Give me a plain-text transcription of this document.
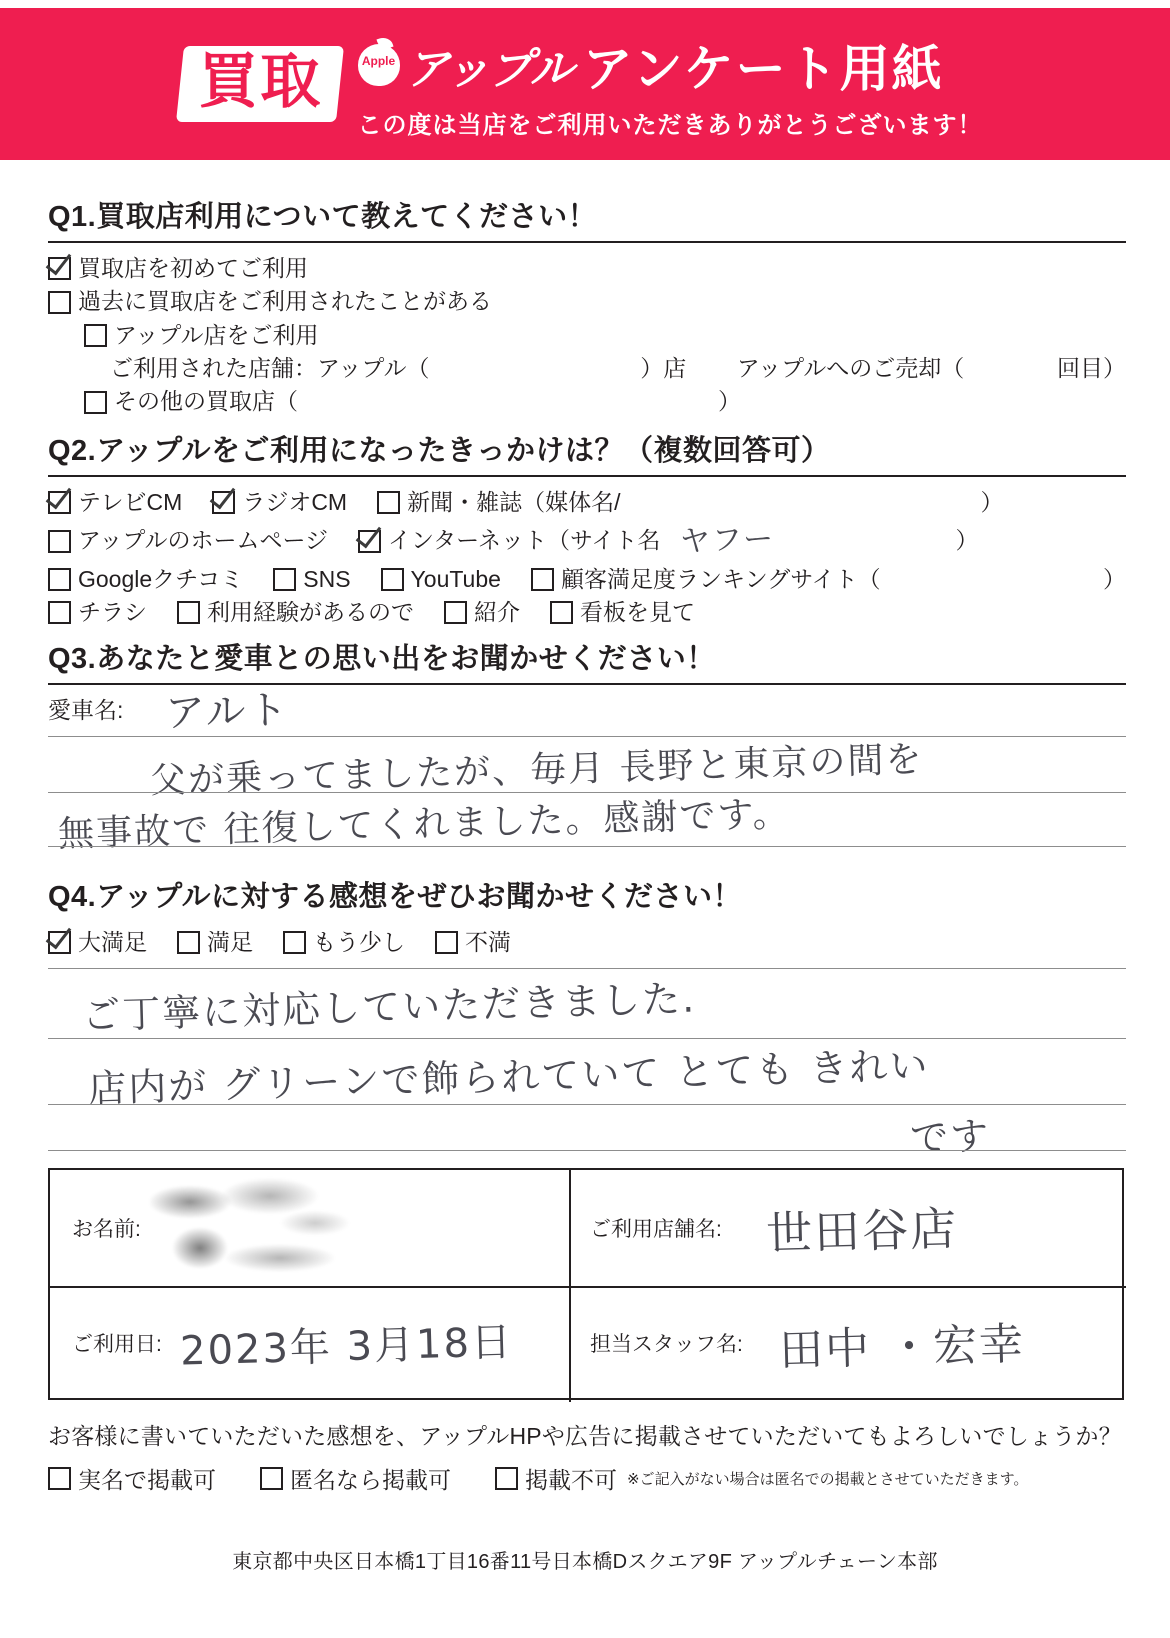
買取	Apple アップル アンケート用紙
この度は当店をご利用いただきありがとうございます！
Q1.買取店利用について教えてください！
買取店を初めてご利用
過去に買取店をご利用されたことがある
アップル店をご利用
ご利用された店舗：アップル（	）店 アップルへのご売却（	回目）
その他の買取店（	）
Q2.アップルをご利用になったきっかけは？（複数回答可）
テレビCM	ラジオCM	新聞・雑誌（媒体名/	）
アップルのホームページ	インターネット（サイト名 ヤフー	）
Googleクチコミ	SNS	YouTube	顧客満足度ランキングサイト（	）
チラシ	利用経験があるので	紹介	看板を見て
Q3.あなたと愛車との思い出をお聞かせください！
愛車名: アルト
父が乗ってましたが、毎月 長野と東京の間を
無事故で 往復してくれました。感謝です。
Q4.アップルに対する感想をぜひお聞かせください！
大満足	満足	もう少し	不満
ご丁寧に対応していただきました.
店内が グリーンで飾られていて とても きれい
です
お名前:	ご利用店舗名: 世田谷店
ご利用日: 2023年 3月18日	担当スタッフ名: 田中 ・宏幸
お客様に書いていただいた感想を、アップルHPや広告に掲載させていただいてもよろしいでしょうか？
実名で掲載可	匿名なら掲載可	掲載不可 ※ご記入がない場合は匿名での掲載とさせていただきます。
東京都中央区日本橋1丁目16番11号日本橋Dスクエア9F アップルチェーン本部
